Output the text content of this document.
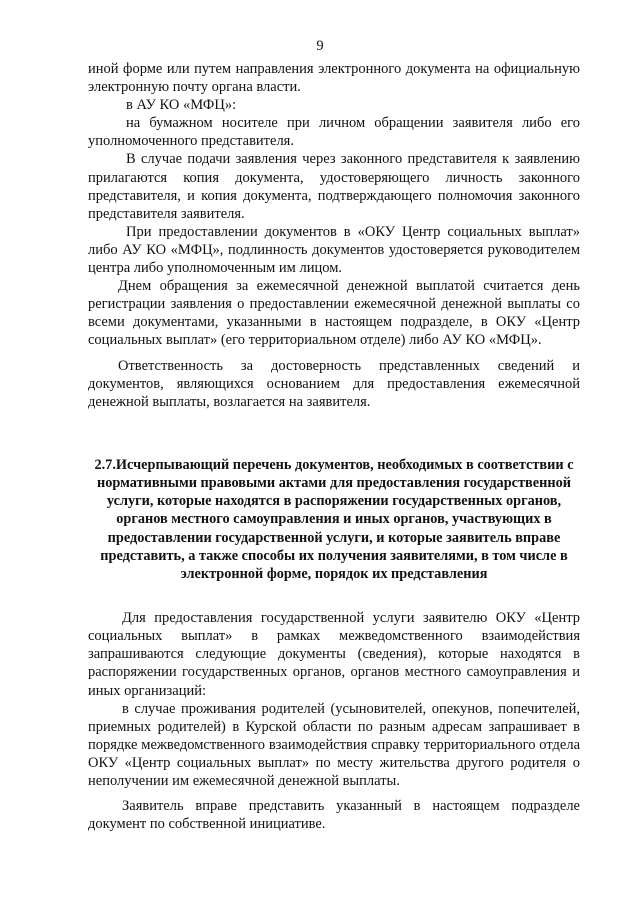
9

иной форме или путем направления электронного документа на официальную электронную почту органа власти.

в АУ КО «МФЦ»:

на бумажном носителе при личном обращении заявителя либо его уполномоченного представителя.

В случае подачи заявления через законного представителя к заявлению прилагаются копия документа, удостоверяющего личность законного представителя, и копия документа, подтверждающего полномочия законного представителя заявителя.

При предоставлении документов в «ОКУ Центр социальных выплат» либо АУ КО «МФЦ», подлинность документов удостоверяется руководителем центра либо уполномоченным им лицом.

Днем обращения за ежемесячной денежной выплатой считается день регистрации заявления о предоставлении ежемесячной денежной выплаты со всеми документами, указанными в настоящем подразделе, в ОКУ «Центр социальных выплат» (его территориальном отделе) либо АУ КО «МФЦ».

Ответственность за достоверность представленных сведений и документов, являющихся основанием для предоставления ежемесячной денежной выплаты, возлагается на заявителя.

2.7.Исчерпывающий перечень документов, необходимых в соответствии с нормативными правовыми актами для предоставления государственной услуги, которые находятся в распоряжении государственных органов, органов местного самоуправления и иных органов, участвующих в предоставлении государственной услуги, и которые заявитель вправе представить, а также способы их получения заявителями, в том числе в электронной форме, порядок их представления

Для предоставления государственной услуги заявителю ОКУ «Центр социальных выплат» в рамках межведомственного взаимодействия запрашиваются следующие документы (сведения), которые находятся в распоряжении государственных органов, органов местного самоуправления и иных организаций:

в случае проживания родителей (усыновителей, опекунов, попечителей, приемных родителей) в Курской области по разным адресам запрашивает в порядке межведомственного взаимодействия справку территориального отдела ОКУ «Центр социальных выплат» по месту жительства другого родителя о неполучении им ежемесячной денежной выплаты.

Заявитель вправе представить указанный в настоящем подразделе документ по собственной инициативе.
